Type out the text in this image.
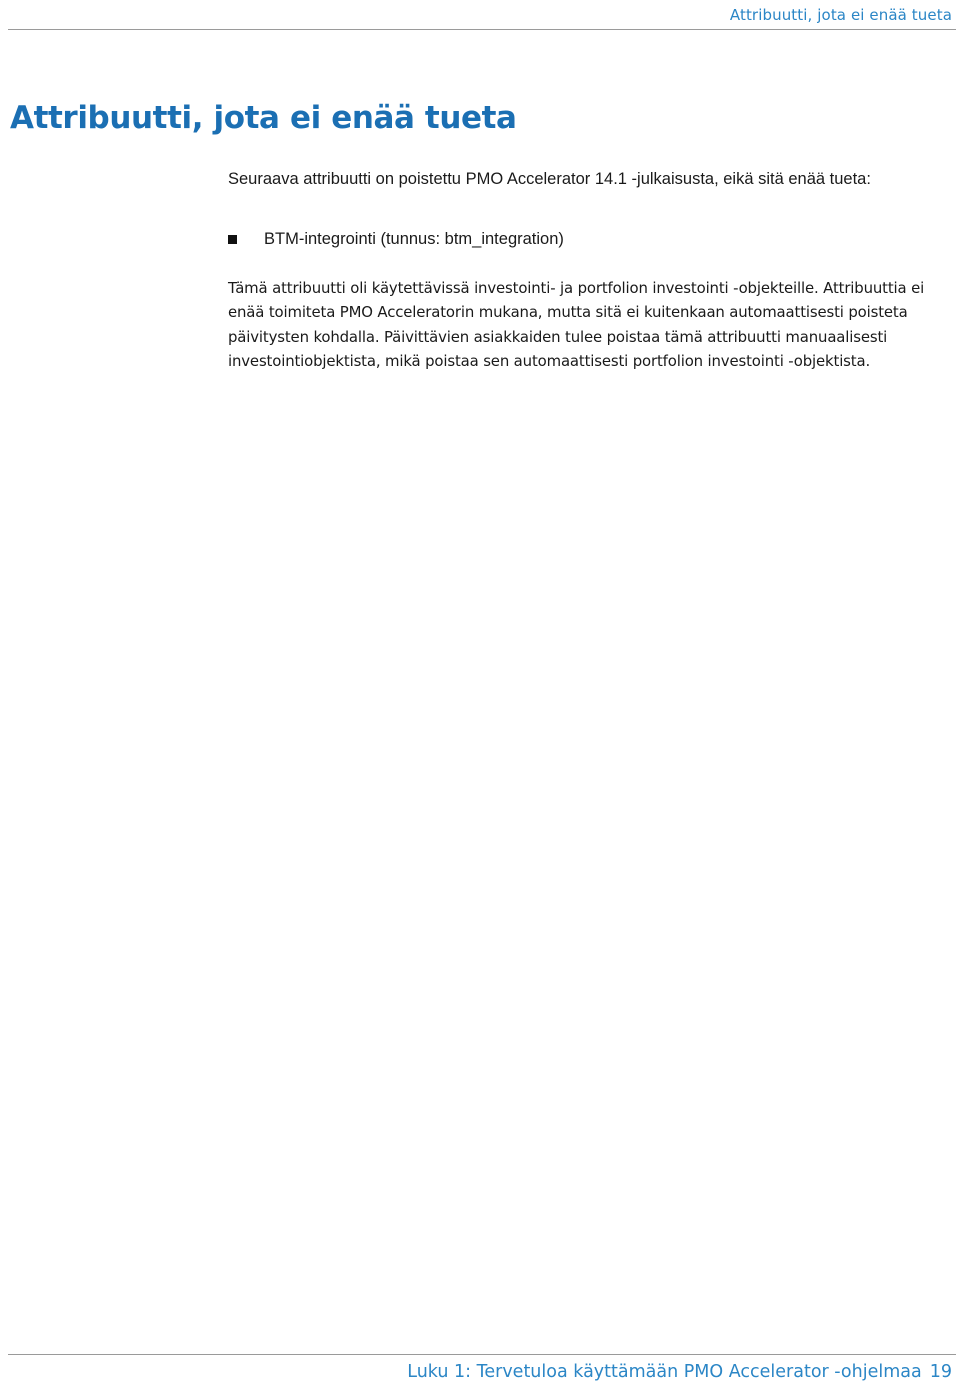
Attribuutti, jota ei enää tueta
Attribuutti, jota ei enää tueta

Seuraava attribuutti on poistettu PMO Accelerator 14.1 -julkaisusta, eikä sitä enää tueta:

BTM-integrointi (tunnus: btm_integration)

Tämä attribuutti oli käytettävissä investointi- ja portfolion investointi -objekteille. Attribuuttia ei enää toimiteta PMO Acceleratorin mukana, mutta sitä ei kuitenkaan automaattisesti poisteta päivitysten kohdalla. Päivittävien asiakkaiden tulee poistaa tämä attribuutti manuaalisesti investointiobjektista, mikä poistaa sen automaattisesti portfolion investointi -objektista.

Luku 1: Tervetuloa käyttämään PMO Accelerator -ohjelmaa 19
